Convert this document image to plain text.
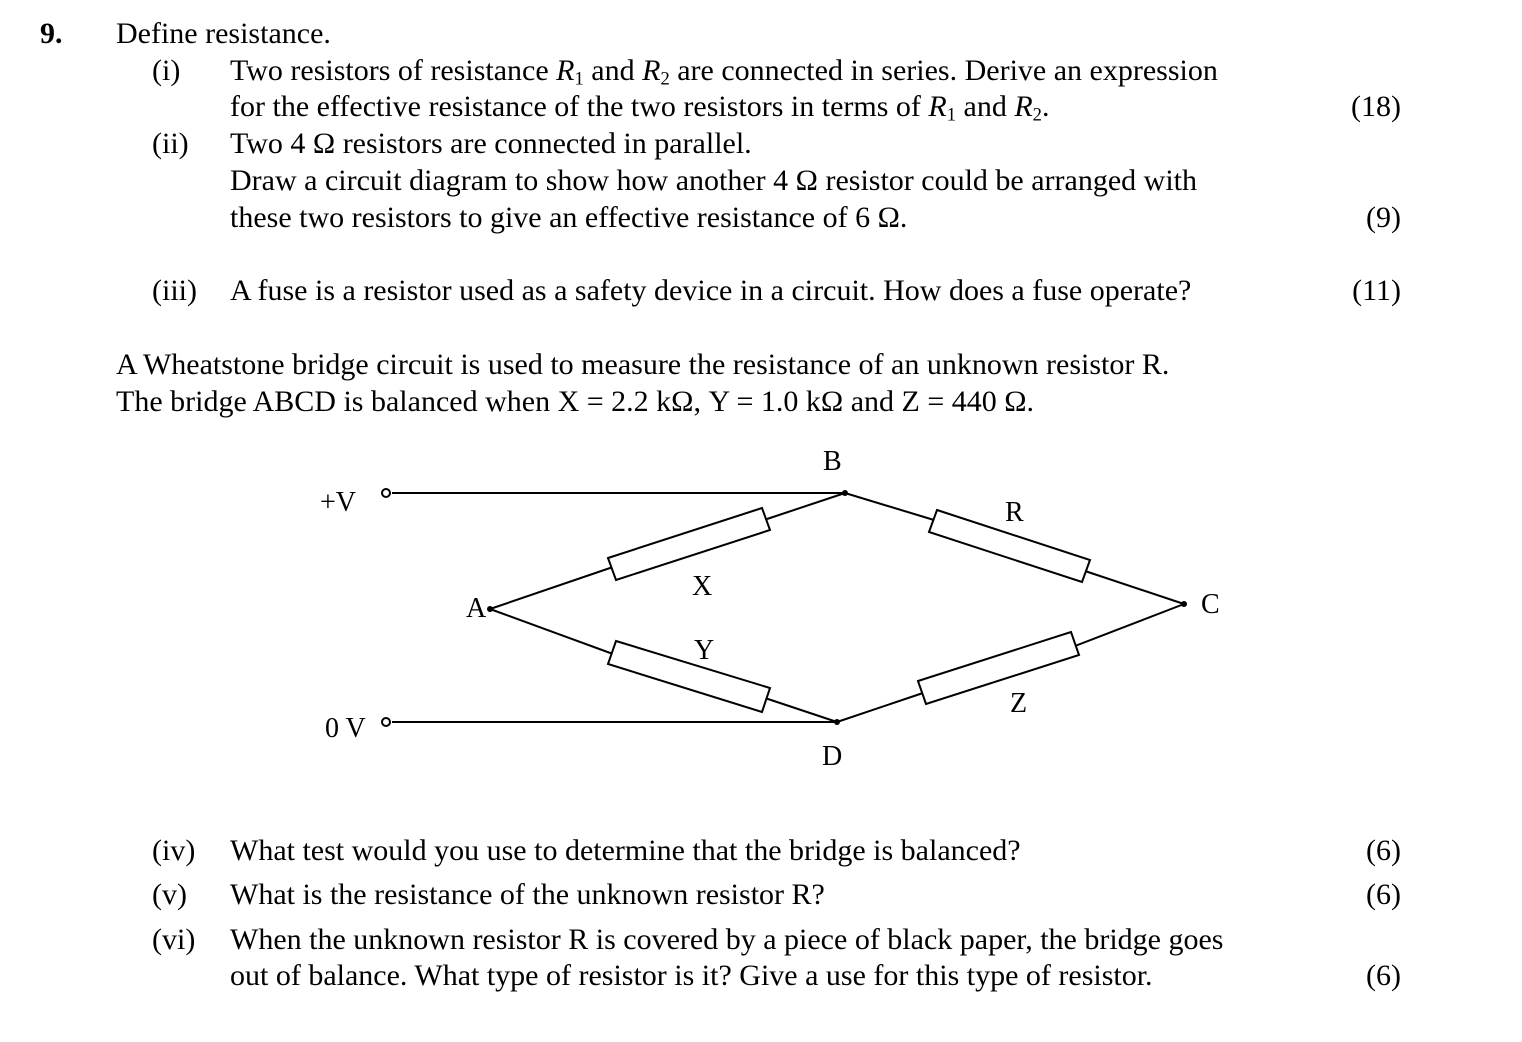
9. Define resistance.
(i) Two resistors of resistance $R_1$ and $R_2$ are connected in series. Derive an expression
for the effective resistance of the two resistors in terms of $R_1$ and $R_2$.	(18)
(ii) Two 4 Ω resistors are connected in parallel.
Draw a circuit diagram to show how another 4 Ω resistor could be arranged with
these two resistors to give an effective resistance of 6 Ω.	(9)
(iii) A fuse is a resistor used as a safety device in a circuit. How does a fuse operate?	(11)
A Wheatstone bridge circuit is used to measure the resistance of an unknown resistor R.
The bridge ABCD is balanced when X = 2.2 kΩ, Y = 1.0 kΩ and Z = 440 Ω.
+V
0 V
A
B
C
D
X
Y
R
Z
(iv) What test would you use to determine that the bridge is balanced?	(6)
(v) What is the resistance of the unknown resistor R?	(6)
(vi) When the unknown resistor R is covered by a piece of black paper, the bridge goes
out of balance. What type of resistor is it? Give a use for this type of resistor.	(6)
